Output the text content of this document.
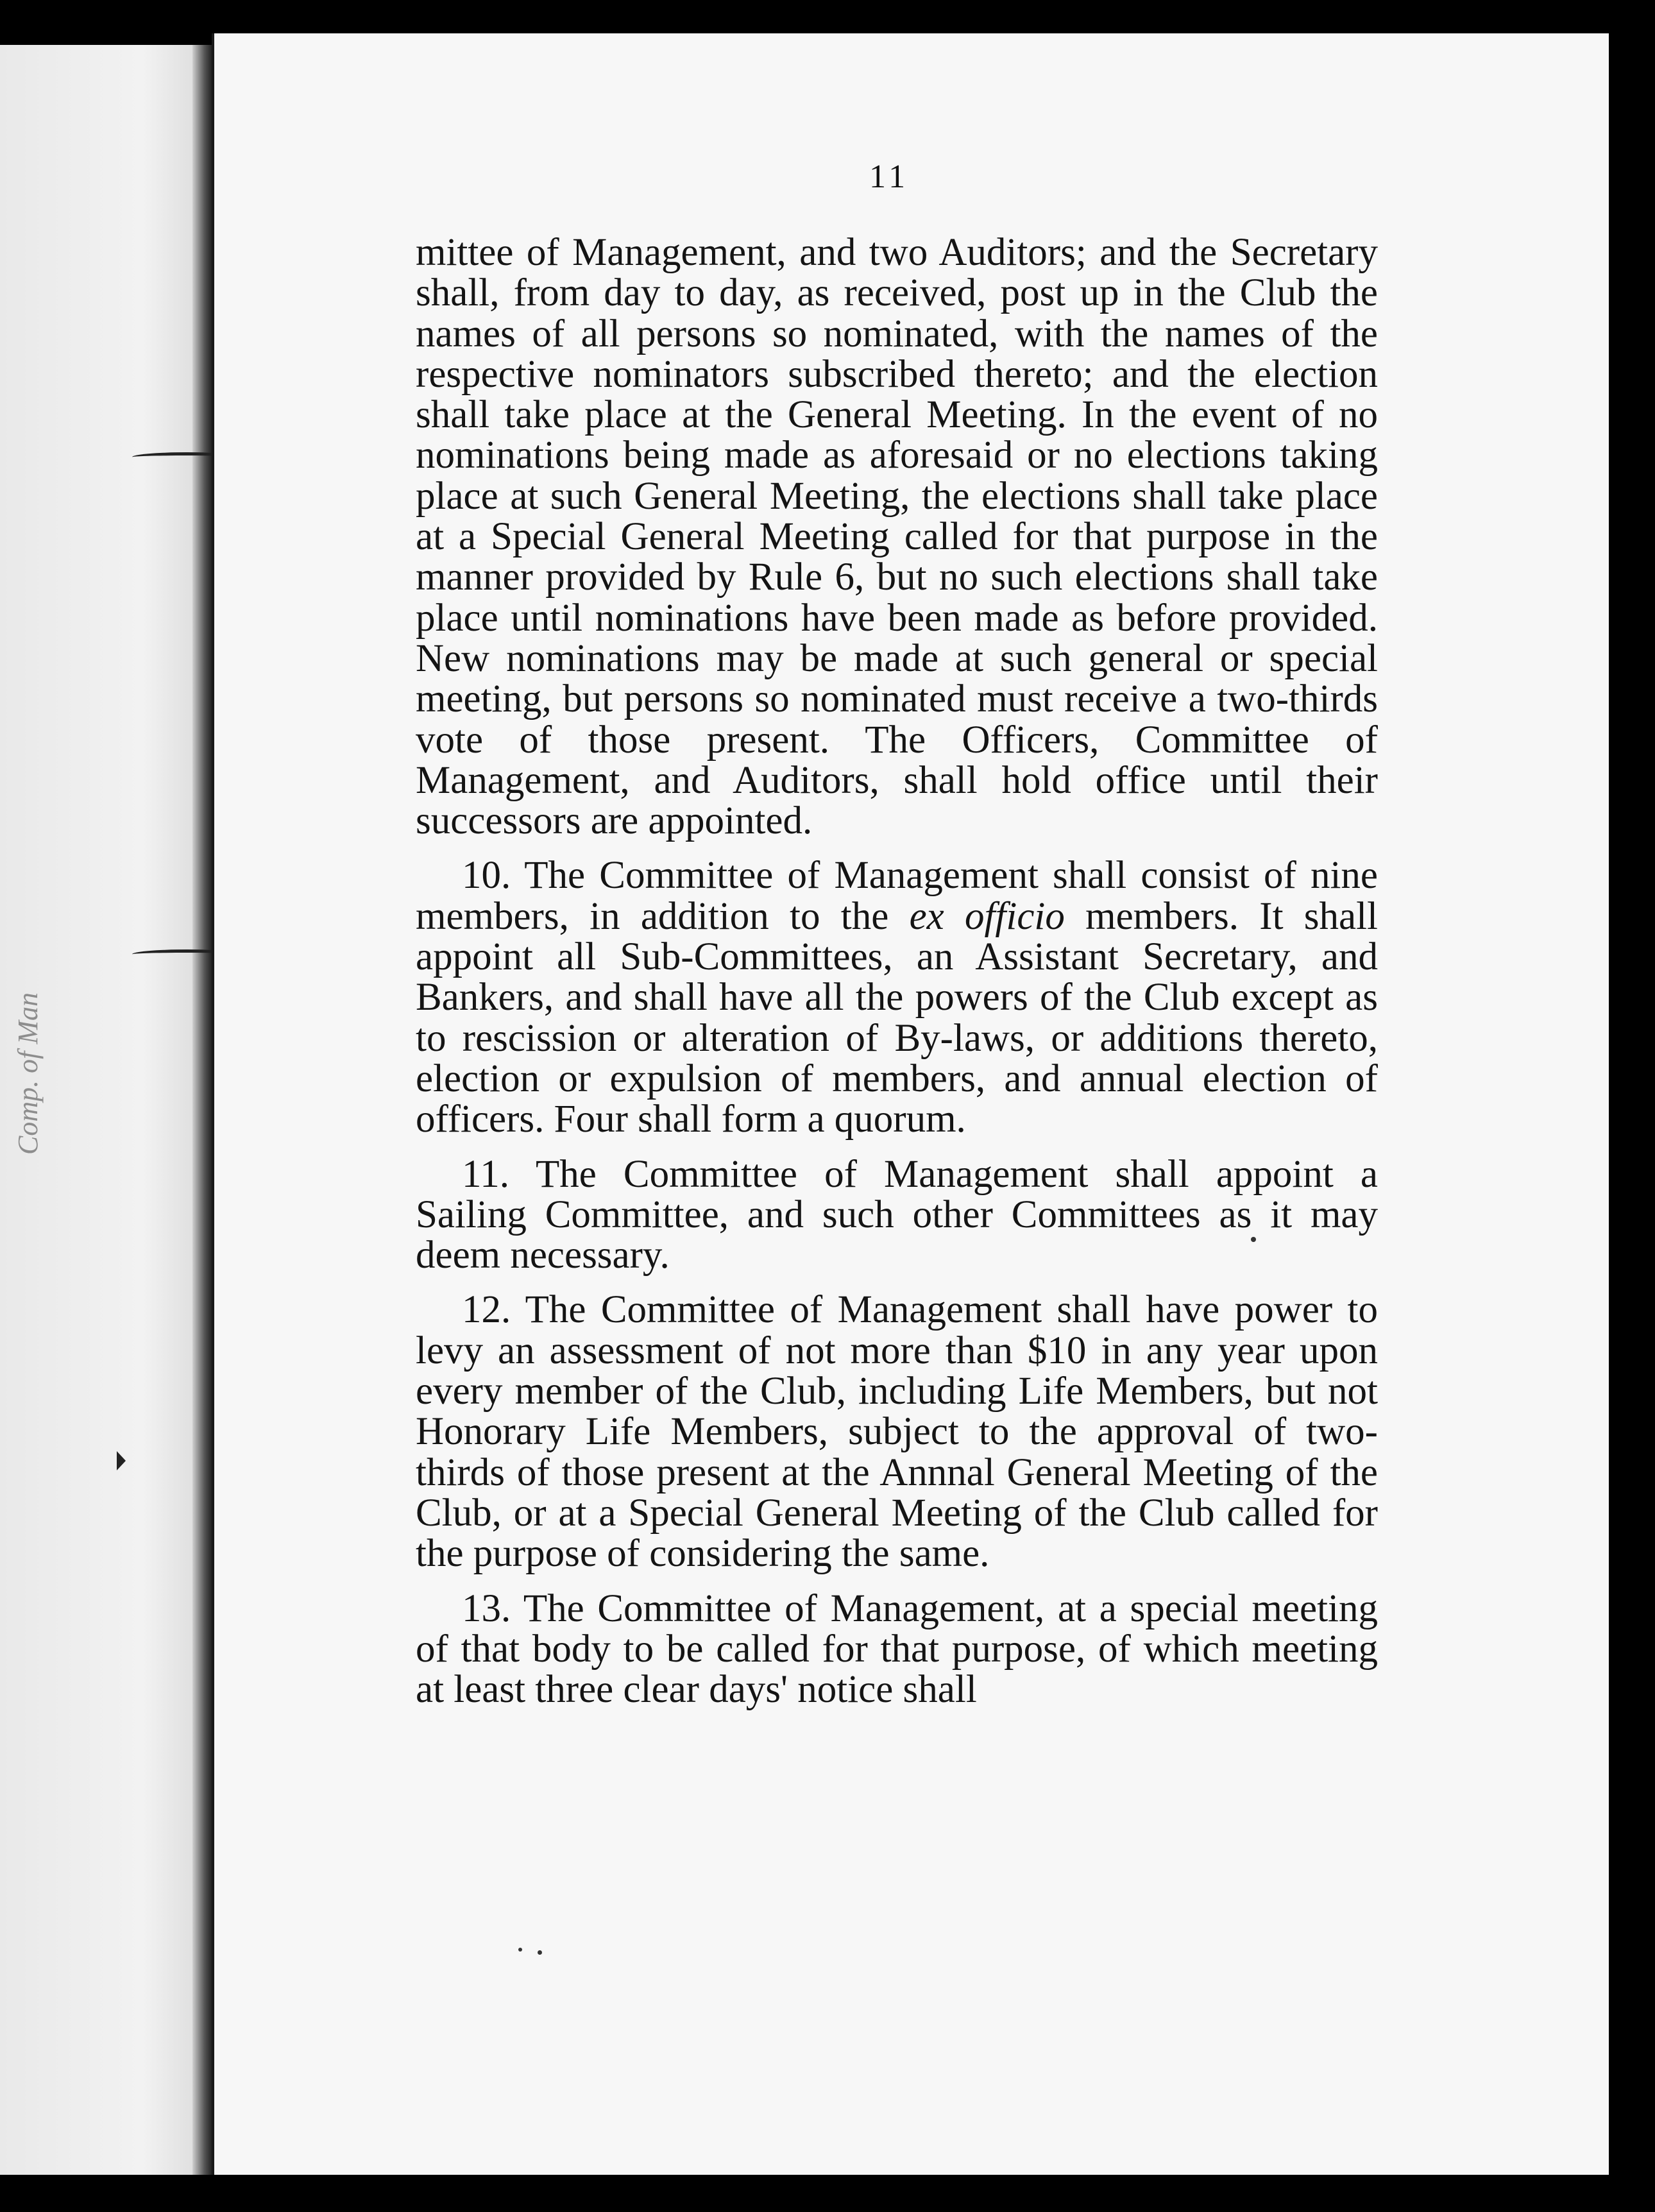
Comp. of Man
11

mittee of Management, and two Auditors; and the Secretary shall, from day to day, as received, post up in the Club the names of all persons so nominated, with the names of the respective nominators subscribed thereto; and the election shall take place at the General Meeting. In the event of no nominations being made as aforesaid or no elections taking place at such General Meeting, the elections shall take place at a Special General Meeting called for that purpose in the manner provided by Rule 6, but no such elections shall take place until nominations have been made as before provided. New nominations may be made at such general or special meeting, but persons so nominated must receive a two-thirds vote of those present. The Officers, Committee of Management, and Auditors, shall hold office until their successors are appointed.

10. The Committee of Management shall consist of nine members, in addition to the ex officio members. It shall appoint all Sub-Committees, an Assistant Secretary, and Bankers, and shall have all the powers of the Club except as to rescission or alteration of By-laws, or additions thereto, election or expulsion of members, and annual election of officers. Four shall form a quorum.

11. The Committee of Management shall appoint a Sailing Committee, and such other Committees as it may deem necessary.

12. The Committee of Management shall have power to levy an assessment of not more than $10 in any year upon every member of the Club, including Life Members, but not Honorary Life Members, subject to the approval of two-thirds of those present at the Annnal General Meeting of the Club, or at a Special General Meeting of the Club called for the purpose of considering the same.

13. The Committee of Management, at a special meeting of that body to be called for that purpose, of which meeting at least three clear days' notice shall
